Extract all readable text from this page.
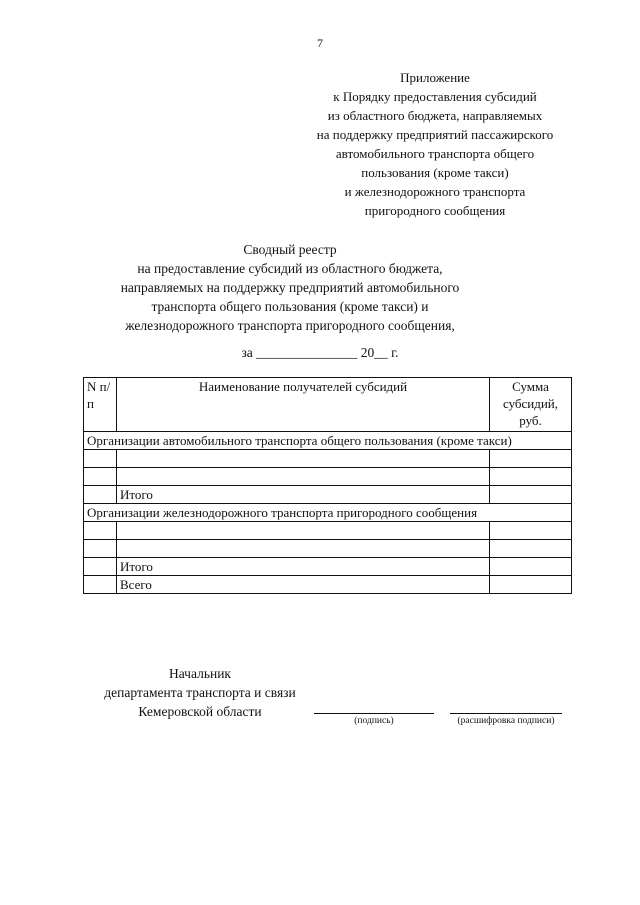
7
Приложение
к Порядку предоставления субсидий
из областного бюджета, направляемых
на поддержку предприятий пассажирского
автомобильного транспорта общего
пользования (кроме такси)
и железнодорожного транспорта
пригородного сообщения
Сводный реестр
на предоставление субсидий из областного бюджета,
направляемых на поддержку предприятий автомобильного
транспорта общего пользования (кроме такси) и
железнодорожного транспорта пригородного сообщения,
за _______________ 20__ г.
N п/п	Наименование получателей субсидий	Сумма субсидий, руб.
Организации автомобильного транспорта общего пользования (кроме такси)		

	Итого	
Организации железнодорожного транспорта пригородного сообщения		

	Итого	
	Всего	
Начальник
департамента транспорта и связи
Кемеровской области
(подпись)	(расшифровка подписи)
